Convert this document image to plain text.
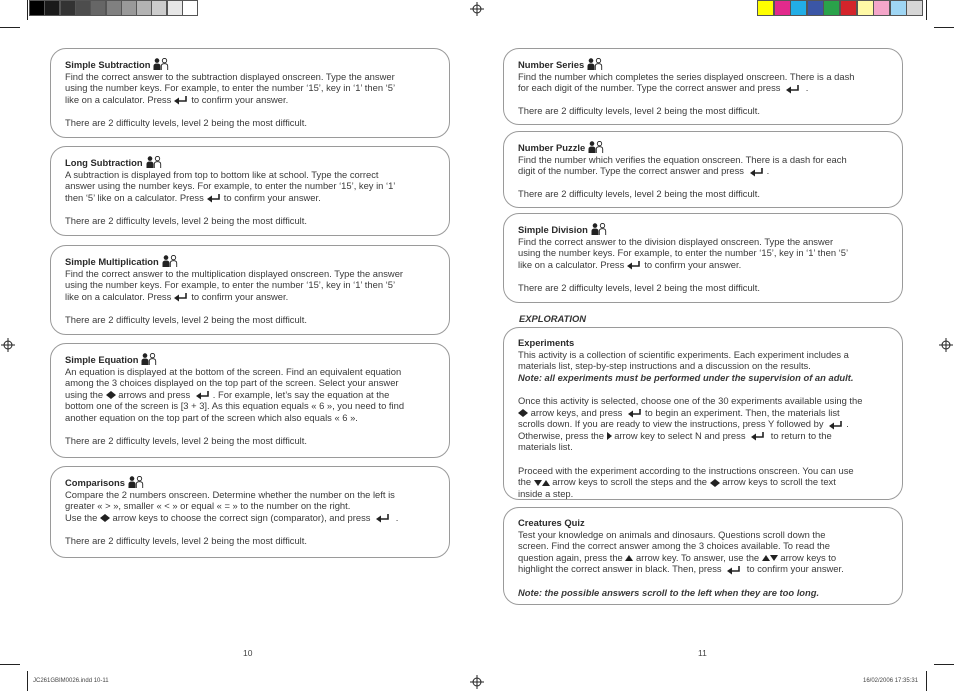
Simple Subtraction

Find the correct answer to the subtraction displayed onscreen. Type the answer

using the number keys. For example, to enter the number ‘15’, key in ‘1’ then ‘5’

like on a calculator. Press to confirm your answer.

There are 2 difficulty levels, level 2 being the most difficult.

Long Subtraction

A subtraction is displayed from top to bottom like at school. Type the correct

answer using the number keys. For example, to enter the number ‘15’, key in ‘1’

then ‘5’ like on a calculator. Press to confirm your answer.

There are 2 difficulty levels, level 2 being the most difficult.

Simple Multiplication

Find the correct answer to the multiplication displayed onscreen. Type the answer

using the number keys. For example, to enter the number ‘15’, key in ‘1’ then ‘5’

like on a calculator. Press to confirm your answer.

There are 2 difficulty levels, level 2 being the most difficult.

Simple Equation

An equation is displayed at the bottom of the screen. Find an equivalent equation

among the 3 choices displayed on the top part of the screen. Select your answer

using the arrows and press . For example, let’s say the equation at the

bottom one of the screen is [3 + 3]. As this equation equals « 6 », you need to find

another equation on the top part of the screen which also equals « 6 ».

There are 2 difficulty levels, level 2 being the most difficult.

Comparisons

Compare the 2 numbers onscreen. Determine whether the number on the left is

greater « > », smaller « < » or equal « = » to the number on the right.

Use the arrow keys to choose the correct sign (comparator), and press	.

There are 2 difficulty levels, level 2 being the most difficult.

10

Number Series

Find the number which completes the series displayed onscreen. There is a dash

for each digit of the number. Type the correct answer and press	.

There are 2 difficulty levels, level 2 being the most difficult.

Number Puzzle

Find the number which verifies the equation onscreen. There is a dash for each

digit of the number. Type the correct answer and press .

There are 2 difficulty levels, level 2 being the most difficult.

Simple Division

Find the correct answer to the division displayed onscreen. Type the answer

using the number keys. For example, to enter the number ‘15’, key in ‘1’ then ‘5’

like on a calculator. Press to confirm your answer.

There are 2 difficulty levels, level 2 being the most difficult.

EXPLORATION

Experiments

This activity is a collection of scientific experiments. Each experiment includes a

materials list, step-by-step instructions and a discussion on the results.

Note: all experiments must be performed under the supervision of an adult.

Once this activity is selected, choose one of the 30 experiments available using the

arrow keys, and press to begin an experiment. Then, the materials list

scrolls down. If you are ready to view the instructions, press Y followed by .

Otherwise, press the arrow key to select N and press	to return to the

materials list.

Proceed with the experiment according to the instructions onscreen. You can use

the arrow keys to scroll the steps and the arrow keys to scroll the text

inside a step.

Creatures Quiz

Test your knowledge on animals and dinosaurs. Questions scroll down the

screen. Find the correct answer among the 3 choices available. To read the

question again, press the arrow key. To answer, use the arrow keys to

highlight the correct answer in black. Then, press	to confirm your answer.

Note: the possible answers scroll to the left when they are too long.

11
JC261GBIM0026.indd 10-11	16/02/2006 17:35:31
